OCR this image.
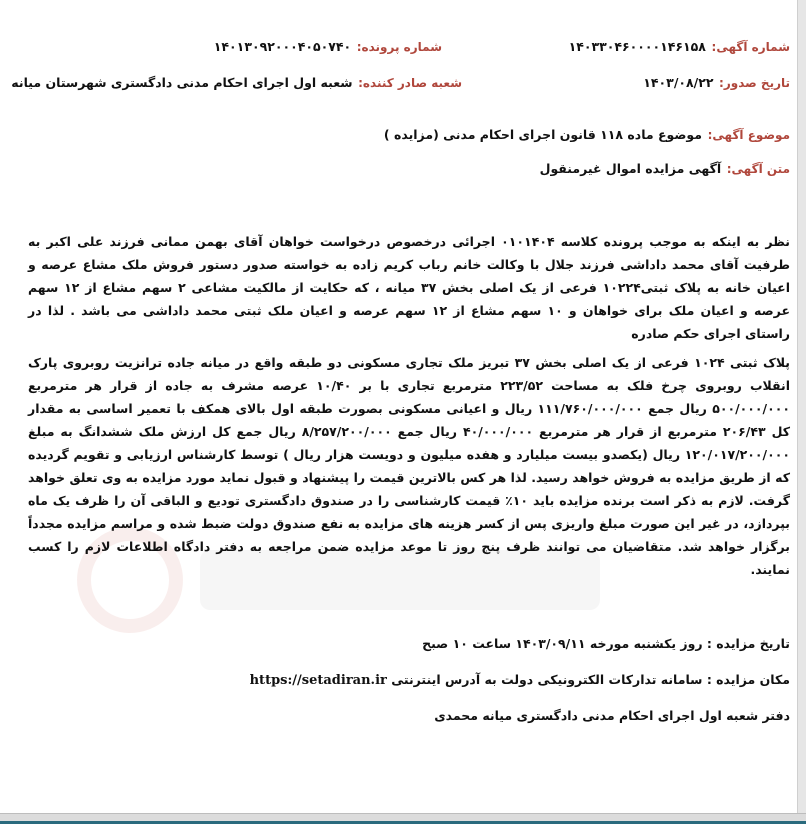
شماره آگهی: ۱۴۰۳۳۰۴۶۰۰۰۰۱۴۶۱۵۸
شماره پرونده: ۱۴۰۱۳۰۹۲۰۰۰۴۰۵۰۷۴۰
تاریخ صدور: ۱۴۰۳/۰۸/۲۲
شعبه صادر کننده: شعبه اول اجرای احکام مدنی دادگستری شهرستان میانه
موضوع آگهی: موضوع ماده ۱۱۸ قانون اجرای احکام مدنی (مزایده )
متن آگهی: آگهی مزایده اموال غیرمنقول

نظر به اینکه به موجب پرونده کلاسه ۰۱۰۱۴۰۴ اجرائی درخصوص درخواست خواهان آقای بهمن ممانی فرزند علی اکبر به طرفیت آقای محمد داداشی فرزند جلال با وکالت خانم رباب کریم زاده به خواسته صدور دستور فروش ملک مشاع عرصه و اعیان خانه به پلاک ثبتی۱۰۲۲۴ فرعی از یک اصلی بخش ۳۷ میانه ، که حکایت از مالکیت مشاعی ۲ سهم مشاع از ۱۲ سهم عرصه و اعیان ملک برای خواهان و ۱۰ سهم مشاع از ۱۲ سهم عرصه و اعیان ملک ثبتی محمد داداشی می باشد . لذا در راستای اجرای حکم صادره

پلاک ثبتی ۱۰۲۴ فرعی از یک اصلی بخش ۳۷ تبریز ملک تجاری مسکونی دو طبقه واقع در میانه جاده ترانزیت روبروی پارک انقلاب روبروی چرخ فلک به مساحت ۲۲۳/۵۲ مترمربع تجاری با بر ۱۰/۴۰ عرصه مشرف به جاده از قرار هر مترمربع ۵۰۰/۰۰۰/۰۰۰ ریال جمع ۱۱۱/۷۶۰/۰۰۰/۰۰۰ ریال و اعیانی مسکونی بصورت طبقه اول بالای همکف با تعمیر اساسی به مقدار کل ۲۰۶/۴۳ مترمربع از قرار هر مترمربع ۴۰/۰۰۰/۰۰۰ ریال جمع ۸/۲۵۷/۲۰۰/۰۰۰ ریال جمع کل ارزش ملک ششدانگ به مبلغ ۱۲۰/۰۱۷/۲۰۰/۰۰۰ ریال (یکصدو بیست میلیارد و هفده میلیون و دویست هزار ریال ) توسط کارشناس ارزیابی و تقویم گردیده که از طریق مزایده به فروش خواهد رسید. لذا هر کس بالاترین قیمت را پیشنهاد و قبول نماید مورد مزایده به وی تعلق خواهد گرفت. لازم به ذکر است برنده مزایده باید ۱۰٪ قیمت کارشناسی را در صندوق دادگستری تودیع و الباقی آن را ظرف یک ماه بپردازد، در غیر این صورت مبلغ واریزی پس از کسر هزینه های مزایده به نفع صندوق دولت ضبط شده و مراسم مزایده مجدداً برگزار خواهد شد. متقاضیان می توانند ظرف پنج روز تا موعد مزایده ضمن مراجعه به دفتر دادگاه اطلاعات لازم را کسب نمایند.

تاریخ مزایده : روز یکشنبه مورخه ۱۴۰۳/۰۹/۱۱ ساعت ۱۰ صبح
مکان مزایده : سامانه تدارکات الکترونیکی دولت به آدرس اینترنتی https://setadiran.ir
دفتر شعبه اول اجرای احکام مدنی دادگستری میانه محمدی
